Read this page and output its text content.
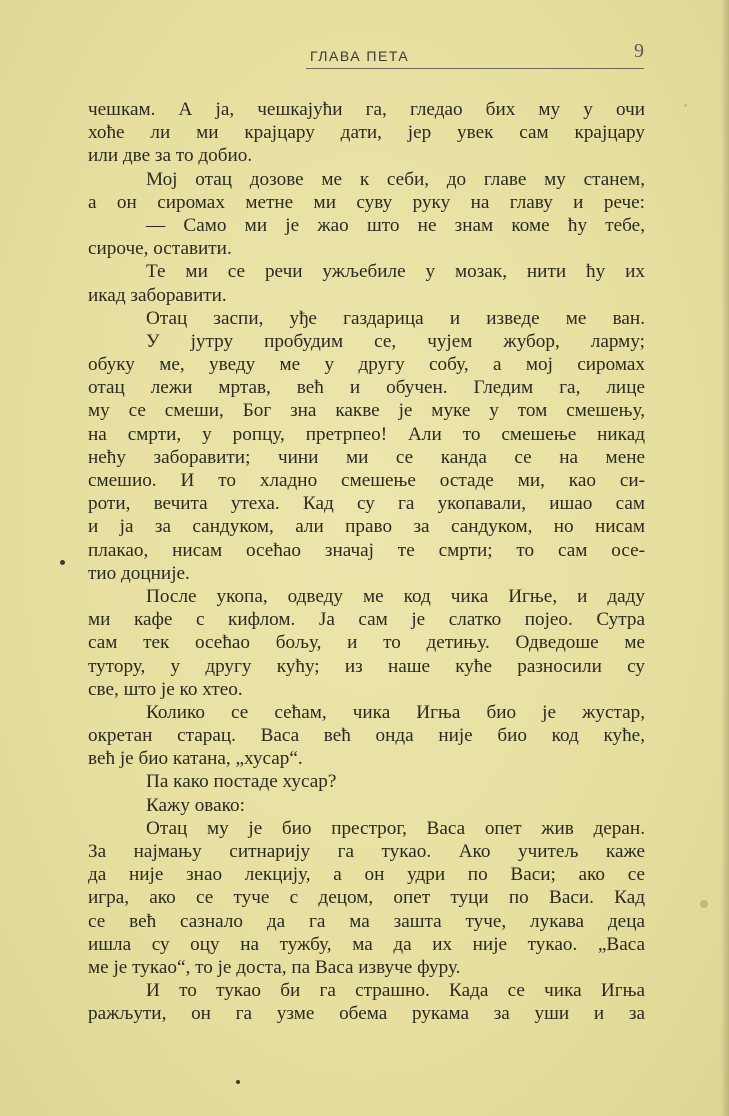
ГЛАВА ПЕТА	9
чешкам. А ја, чешкајући га, гледао бих му у очи
хоће ли ми крајцару дати, јер увек сам крајцару
или две за то добио.
Мој отац дозове ме к себи, до главе му станем,
а он сиромах метне ми суву руку на главу и рече:
— Само ми је жао што не знам коме ћу тебе,
сироче, оставити.
Те ми се речи ужљебиле у мозак, нити ћу их
икад заборавити.
Отац заспи, уђе газдарица и изведе ме ван.
У јутру пробудим се, чујем жубор, ларму;
обуку ме, уведу ме у другу собу, а мој сиромах
отац лежи мртав, већ и обучен. Гледим га, лице
му се смеши, Бог зна какве је муке у том смешењу,
на смрти, у ропцу, претрпео! Али то смешење никад
нећу заборавити; чини ми се канда се на мене
смешио. И то хладно смешење остаде ми, као си-
роти, вечита утеха. Кад су га укопавали, ишао сам
и ја за сандуком, али право за сандуком, но нисам
плакао, нисам осећао значај те смрти; то сам осе-
тио доцније.
После укопа, одведу ме код чика Игње, и даду
ми кафе с кифлом. Ја сам је слатко појео. Сутра
сам тек осећао бољу, и то детињу. Одведоше ме
тутору, у другу кућу; из наше куће разносили су
све, што је ко хтео.
Колико се сећам, чика Игња био је жустар,
окретан старац. Васа већ онда није био код куће,
већ је био катана, „хусар“.
Па како постаде хусар?
Кажу овако:
Отац му је био престрог, Васа опет жив деран.
За најмању ситнарију га тукао. Ако учитељ каже
да није знао лекцију, а он удри по Васи; ако се
игра, ако се туче с децом, опет туци по Васи. Кад
се већ сазнало да га ма зашта туче, лукава деца
ишла су оцу на тужбу, ма да их није тукао. „Васа
ме је тукао“, то је доста, па Васа извуче фуру.
И то тукао би га страшно. Када се чика Игња
ражљути, он га узме обема рукама за уши и за
